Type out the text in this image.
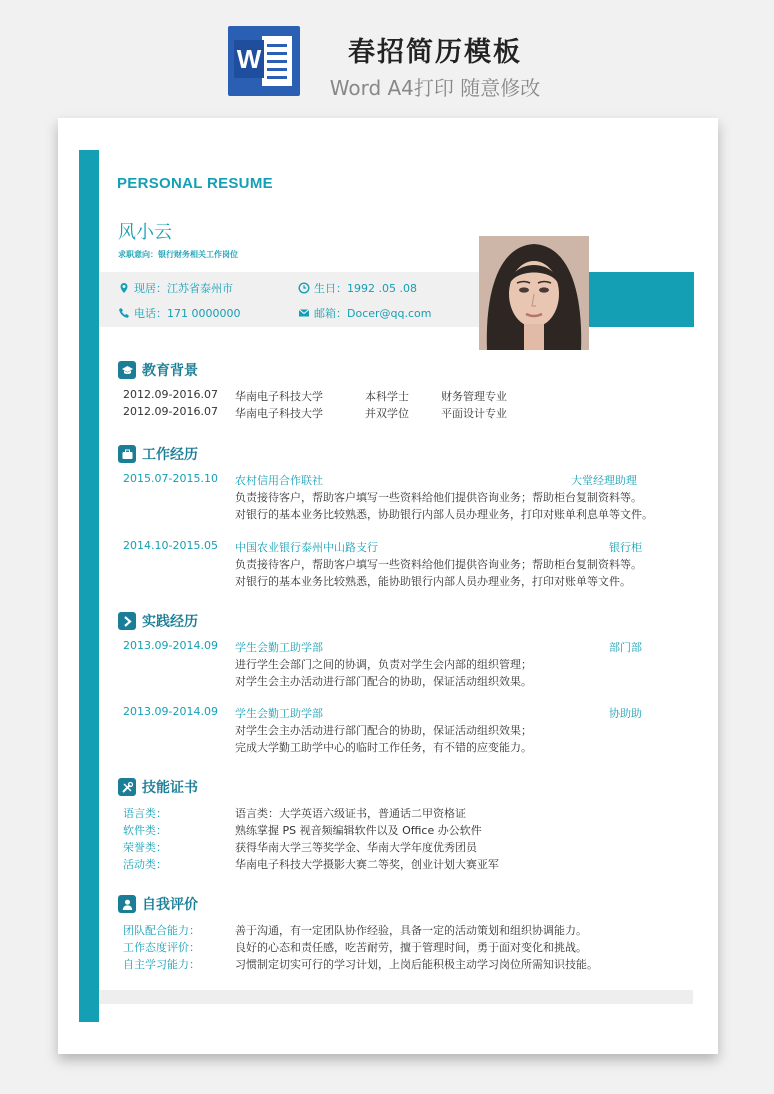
W	春招简历模板
Word A4打印 随意修改
PERSONAL RESUME
风小云
求职意向：银行财务相关工作岗位
现居：江苏省泰州市	生日：1992 .05 .08
电话：171 0000000	邮箱：Docer@qq.com
教育背景
2012.09-2016.07 华南电子科技大学	本科学士	财务管理专业
2012.09-2016.07 华南电子科技大学	并双学位	平面设计专业
工作经历
2015.07-2015.10 农村信用合作联社	大堂经理助理
负责接待客户，帮助客户填写一些资料给他们提供咨询业务；帮助柜台复制资料等。
对银行的基本业务比较熟悉，协助银行内部人员办理业务，打印对账单利息单等文件。
2014.10-2015.05 中国农业银行泰州中山路支行	银行柜
负责接待客户，帮助客户填写一些资料给他们提供咨询业务；帮助柜台复制资料等。
对银行的基本业务比较熟悉，能协助银行内部人员办理业务，打印对账单等文件。
实践经历
2013.09-2014.09 学生会勤工助学部	部门部
进行学生会部门之间的协调，负责对学生会内部的组织管理；
对学生会主办活动进行部门配合的协助，保证活动组织效果。
2013.09-2014.09 学生会勤工助学部	协助助
对学生会主办活动进行部门配合的协助，保证活动组织效果；
完成大学勤工助学中心的临时工作任务，有不错的应变能力。
技能证书
语言类：	语言类：大学英语六级证书，普通话二甲资格证
软件类：	熟练掌握 PS 视音频编辑软件以及 Office 办公软件
荣誉类：	获得华南大学三等奖学金、华南大学年度优秀团员
活动类：	华南电子科技大学摄影大赛二等奖，创业计划大赛亚军
自我评价
团队配合能力：	善于沟通，有一定团队协作经验，具备一定的活动策划和组织协调能力。
工作态度评价：	良好的心态和责任感，吃苦耐劳，擅于管理时间，勇于面对变化和挑战。
自主学习能力：	习惯制定切实可行的学习计划，上岗后能积极主动学习岗位所需知识技能。
